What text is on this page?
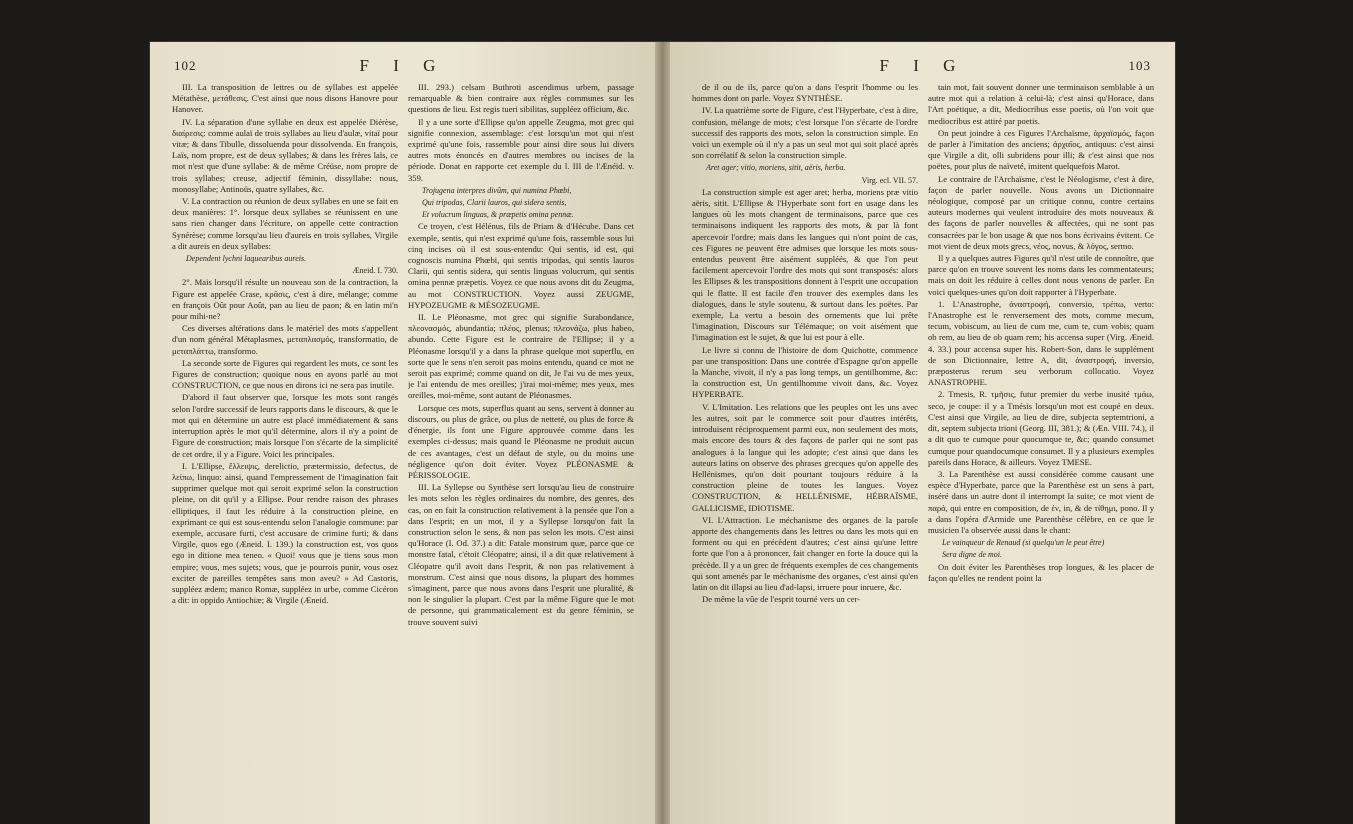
102	F I G

III. La transposition de lettres ou de syllabes est appelée Métathèse, μετάθεσις. C'est ainsi que nous disons Hanovre pour Hanover.

IV. La séparation d'une syllabe en deux est appelée Diérèse, διαίρεσις: comme aulaï de trois syllabes au lieu d'aulæ, vitaï pour vitæ; & dans Tibulle, dissoluenda pour dissolvenda. En françois, Laïs, nom propre, est de deux syllabes; & dans les frères laïs, ce mot n'est que d'une syllabe: & de même Créüse, nom propre de trois syllabes; creuse, adjectif féminin, dissyllabe: nous, monosyllabe; Antinoüs, quatre syllabes, &c.

V. La contraction ou réunion de deux syllabes en une se fait en deux manières: 1°. lorsque deux syllabes se réunissent en une sans rien changer dans l'écriture, on appelle cette contraction Synérèse; comme lorsqu'au lieu d'aureis en trois syllabes, Virgile a dit aureis en deux syllabes:

Dependent lychni laquearibus aureis.

Æneid. I. 730.

2°. Mais lorsqu'il résulte un nouveau son de la contraction, la Figure est appelée Crase, κρᾶσις, c'est à dire, mélange; comme en françois Oût pour Août, pan au lieu de paon; & en latin mi'n pour mihi-ne?

Ces diverses altérations dans le matériel des mots s'appellent d'un nom général Métaplasmes, μεταπλασμός, transformatio, de μεταπλάττω, transformo.

La seconde sorte de Figures qui regardent les mots, ce sont les Figures de construction; quoique nous en ayons parlé au mot CONSTRUCTION, ce que nous en dirons ici ne sera pas inutile.

D'abord il faut observer que, lorsque les mots sont rangés selon l'ordre successif de leurs rapports dans le discours, & que le mot qui en détermine un autre est placé immédiatement & sans interruption après le mot qu'il détermine, alors il n'y a point de Figure de construction; mais lorsque l'on s'écarte de la simplicité de cet ordre, il y a Figure. Voici les principales.

I. L'Ellipse, ἔλλειψις, derelictio, prætermissio, defectus, de λείπω, linquo: ainsi, quand l'empressement de l'imagination fait supprimer quelque mot qui seroit exprimé selon la construction pleine, on dit qu'il y a Ellipse. Pour rendre raison des phrases elliptiques, il faut les réduire à la construction pleine, en exprimant ce qui est sous-entendu selon l'analogie commune: par exemple, accusare furti, c'est accusare de crimine furti; & dans Virgile, quos ego (Æneid. I. 139.) la construction est, vos quos ego in ditione mea teneo. « Quoi! vous que je tiens sous mon empire; vous, mes sujets; vous, que je pourrois punir, vous osez exciter de pareilles tempêtes sans mon aveu? » Ad Castoris, suppléez ædem; manco Romæ, suppléez in urbe, comme Cicéron a dit: in oppido Antiochiæ; & Virgile (Æneid.

III. 293.) celsam Buthroti ascendimus urbem, passage remarquable & bien contraire aux règles communes sur les questions de lieu. Est regis tueri sibilitas, suppléez officium, &c.

Il y a une sorte d'Ellipse qu'on appelle Zeugma, mot grec qui signifie connexion, assemblage: c'est lorsqu'un mot qui n'est exprimé qu'une fois, rassemble pour ainsi dire sous lui divers autres mots énoncés en d'autres membres ou incises de la période. Donat en rapporte cet exemple du l. III de l'Ænéid. v. 359.

Trojugena interpres divûm, qui numina Phœbi,

Qui tripodas, Clarii lauros, qui sidera sentis,

Et volucrum linguas, & præpetis omina pennæ.

Ce troyen, c'est Hélénus, fils de Priam & d'Hécube. Dans cet exemple, sentis, qui n'est exprimé qu'une fois, rassemble sous lui cinq incises où il est sous-entendu: Qui sentis, id est, qui cognoscis numina Phœbi, qui sentis tripodas, qui sentis lauros Clarii, qui sentis sidera, qui sentis linguas volucrum, qui sentis omina pennæ præpetis. Voyez ce que nous avons dit du Zeugma, au mot CONSTRUCTION. Voyez aussi ZEUGME, HYPOZEUGME & MÉSOZEUGME.

II. Le Pléonasme, mot grec qui signifie Surabondance, πλεονασμός, abundantia; πλέος, plenus; πλεονάζω, plus habeo, abundo. Cette Figure est le contraire de l'Ellipse; il y a Pléonasme lorsqu'il y a dans la phrase quelque mot superflu, en sorte que le sens n'en seroit pas moins entendu, quand ce mot ne seroit pas exprimé; comme quand on dit, Je l'ai vu de mes yeux, je l'ai entendu de mes oreilles; j'irai moi-même; mes yeux, mes oreilles, moi-même, sont autant de Pléonasmes.

Lorsque ces mots, superflus quant au sens, servent à donner au discours, ou plus de grâce, ou plus de netteté, ou plus de force & d'énergie, ils font une Figure approuvée comme dans les exemples ci-dessus; mais quand le Pléonasme ne produit aucun de ces avantages, c'est un défaut de style, ou du moins une négligence qu'on doit éviter. Voyez PLÉONASME & PÉRISSOLOGIE.

III. La Syllepse ou Synthèse sert lorsqu'au lieu de construire les mots selon les règles ordinaires du nombre, des genres, des cas, on en fait la construction relativement à la pensée que l'on a dans l'esprit; en un mot, il y a Syllepse lorsqu'on fait la construction selon le sens, & non pas selon les mots. C'est ainsi qu'Horace (I. Od. 37.) a dit: Fatale monstrum quæ, parce que ce monstre fatal, c'étoit Cléopatre; ainsi, il a dit quæ relativement à Cléopatre qu'il avoit dans l'esprit, & non pas relativement à monstrum. C'est ainsi que nous disons, la plupart des hommes s'imaginent, parce que nous avons dans l'esprit une pluralité, & non le singulier la plupart. C'est par la même Figure que le mot de personne, qui grammaticalement est du genre féminin, se trouve souvent suivi

F I G	103

de il ou de ils, parce qu'on a dans l'esprit l'homme ou les hommes dont on parle. Voyez SYNTHÈSE.

IV. La quatrième sorte de Figure, c'est l'Hyperbate, c'est à dire, confusion, mélange de mots; c'est lorsque l'on s'écarte de l'ordre successif des rapports des mots, selon la construction simple. En voici un exemple où il n'y a pas un seul mot qui soit placé après son corrélatif & selon la construction simple.

Aret ager; vitio, moriens, sitit, aëris, herba.

Virg. ecl. VII. 57.

La construction simple est ager aret; herba, moriens præ vitio aëris, sitit. L'Ellipse & l'Hyperbate sont fort en usage dans les langues où les mots changent de terminaisons, parce que ces terminaisons indiquent les rapports des mots, & par là font apercevoir l'ordre; mais dans les langues qui n'ont point de cas, ces Figures ne peuvent être admises que lorsque les mots sous-entendus peuvent être aisément suppléés, & que l'on peut facilement apercevoir l'ordre des mots qui sont transposés: alors les Ellipses & les transpositions donnent à l'esprit une occupation qui le flatte. Il est facile d'en trouver des exemples dans les dialogues, dans le style soutenu, & surtout dans les poëtes. Par exemple, La vertu a besoin des ornements que lui prête l'imagination, Discours sur Télémaque; on voit aisément que l'imagination est le sujet, & que lui est pour à elle.

Le livre si connu de l'histoire de dom Quichotte, commence par une transposition: Dans une contrée d'Espagne qu'on appelle la Manche, vivoit, il n'y a pas long temps, un gentilhomme, &c: la construction est, Un gentilhomme vivoit dans, &c. Voyez HYPERBATE.

V. L'Imitation. Les relations que les peuples ont les uns avec les autres, soit par le commerce soit pour d'autres intérêts, introduisent réciproquement parmi eux, non seulement des mots, mais encore des tours & des façons de parler qui ne sont pas analogues à la langue qui les adopte; c'est ainsi que dans les auteurs latins on observe des phrases grecques qu'on appelle des Hellénismes, qu'on doit pourtant toujours réduire à la construction pleine de toutes les langues. Voyez CONSTRUCTION, & HELLÉNISME, HÉBRAÏSME, GALLICISME, IDIOTISME.

VI. L'Attraction. Le méchanisme des organes de la parole apporte des changements dans les lettres ou dans les mots qui en forment ou qui en précèdent d'autres; c'est ainsi qu'une lettre forte que l'on a à prononcer, fait changer en forte la douce qui la précède. Il y a un grec de fréquents exemples de ces changements qui sont amenés par le méchanisme des organes, c'est ainsi qu'en latin on dit illapsi au lieu d'ad-lapsi, irruere pour inruere, &c.

De même la vûe de l'esprit tourné vers un cer-

tain mot, fait souvent donner une terminaison semblable à un autre mot qui a relation à celui-là; c'est ainsi qu'Horace, dans l'Art poétique, a dit, Mediocribus esse poetis, où l'on voit que mediocribus est attiré par poetis.

On peut joindre à ces Figures l'Archaïsme, ἀρχαϊσμός, façon de parler à l'imitation des anciens; ἀρχαῖος, antiquus: c'est ainsi que Virgile a dit, olli subridens pour illi; & c'est ainsi que nos poëtes, pour plus de naïveté, imitent quelquefois Marot.

Le contraire de l'Archaïsme, c'est le Néologisme, c'est à dire, façon de parler nouvelle. Nous avons un Dictionnaire néologique, composé par un critique connu, contre certains auteurs modernes qui veulent introduire des mots nouveaux & des façons de parler nouvelles & affectées, qui ne sont pas consacrées par le bon usage & que nos bons écrivains évitent. Ce mot vient de deux mots grecs, νέος, novus, & λόγος, sermo.

Il y a quelques autres Figures qu'il n'est utile de connoître, que parce qu'on en trouve souvent les noms dans les commentateurs; mais on doit les réduire à celles dont nous venons de parler. En voici quelques-unes qu'on doit rapporter à l'Hyperbate.

1. L'Anastrophe, ἀναστροφή, conversio, τρέπω, verto: l'Anastrophe est le renversement des mots, comme mecum, tecum, vobiscum, au lieu de cum me, cum te, cum vobis; quam ob rem, au lieu de ob quam rem; his accensa super (Virg. Æneid. 4. 33.) pour accensa super his. Robert-Son, dans le supplément de son Dictionnaire, lettre A, dit, ἀναστροφή, inversio, præposterus rerum seu verborum collocatio. Voyez ANASTROPHE.

2. Tmesis, R. τμῆσις, futur premier du verbe inusité τμάω, seco, je coupe: il y a Tmésis lorsqu'un mot est coupé en deux. C'est ainsi que Virgile, au lieu de dire, subjecta septemtrioni, a dit, septem subjecta trioni (Georg. III, 381.); & (Æn. VIII. 74.), il a dit quo te cumque pour quocumque te, &c; quando consumet cumque pour quandocumque consumet. Il y a plusieurs exemples pareils dans Horace, & ailleurs. Voyez TMESE.

3. La Parenthèse est aussi considérée comme causant une espèce d'Hyperbate, parce que la Parenthèse est un sens à part, inséré dans un autre dont il interrompt la suite; ce mot vient de παρά, qui entre en composition, de ἐν, in, & de τίθημι, pono. Il y a dans l'opéra d'Armide une Parenthèse célèbre, en ce que le musicien l'a observée aussi dans le chant:

Le vainqueur de Renaud (si quelqu'un le peut être)

Sera digne de moi.

On doit éviter les Parenthèses trop longues, & les placer de façon qu'elles ne rendent point la
